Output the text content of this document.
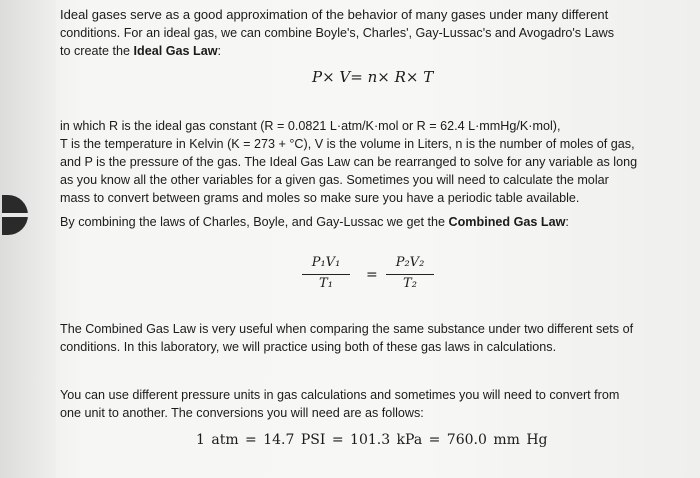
Ideal gases serve as a good approximation of the behavior of many gases under many different
conditions. For an ideal gas, we can combine Boyle's, Charles', Gay-Lussac's and Avogadro's Laws
to create the Ideal Gas Law:
P× V= n× R× T
in which R is the ideal gas constant (R = 0.0821 L·atm/K·mol or R = 62.4 L·mmHg/K·mol),
T is the temperature in Kelvin (K = 273 + °C), V is the volume in Liters, n is the number of moles of gas,
and P is the pressure of the gas. The Ideal Gas Law can be rearranged to solve for any variable as long
as you know all the other variables for a given gas. Sometimes you will need to calculate the molar
mass to convert between grams and moles so make sure you have a periodic table available.
By combining the laws of Charles, Boyle, and Gay-Lussac we get the Combined Gas Law:
P₁V₁
T₁
=
P₂V₂
T₂
The Combined Gas Law is very useful when comparing the same substance under two different sets of
conditions. In this laboratory, we will practice using both of these gas laws in calculations.
You can use different pressure units in gas calculations and sometimes you will need to convert from
one unit to another. The conversions you will need are as follows:
1 atm = 14.7 PSI = 101.3 kPa = 760.0 mm Hg
